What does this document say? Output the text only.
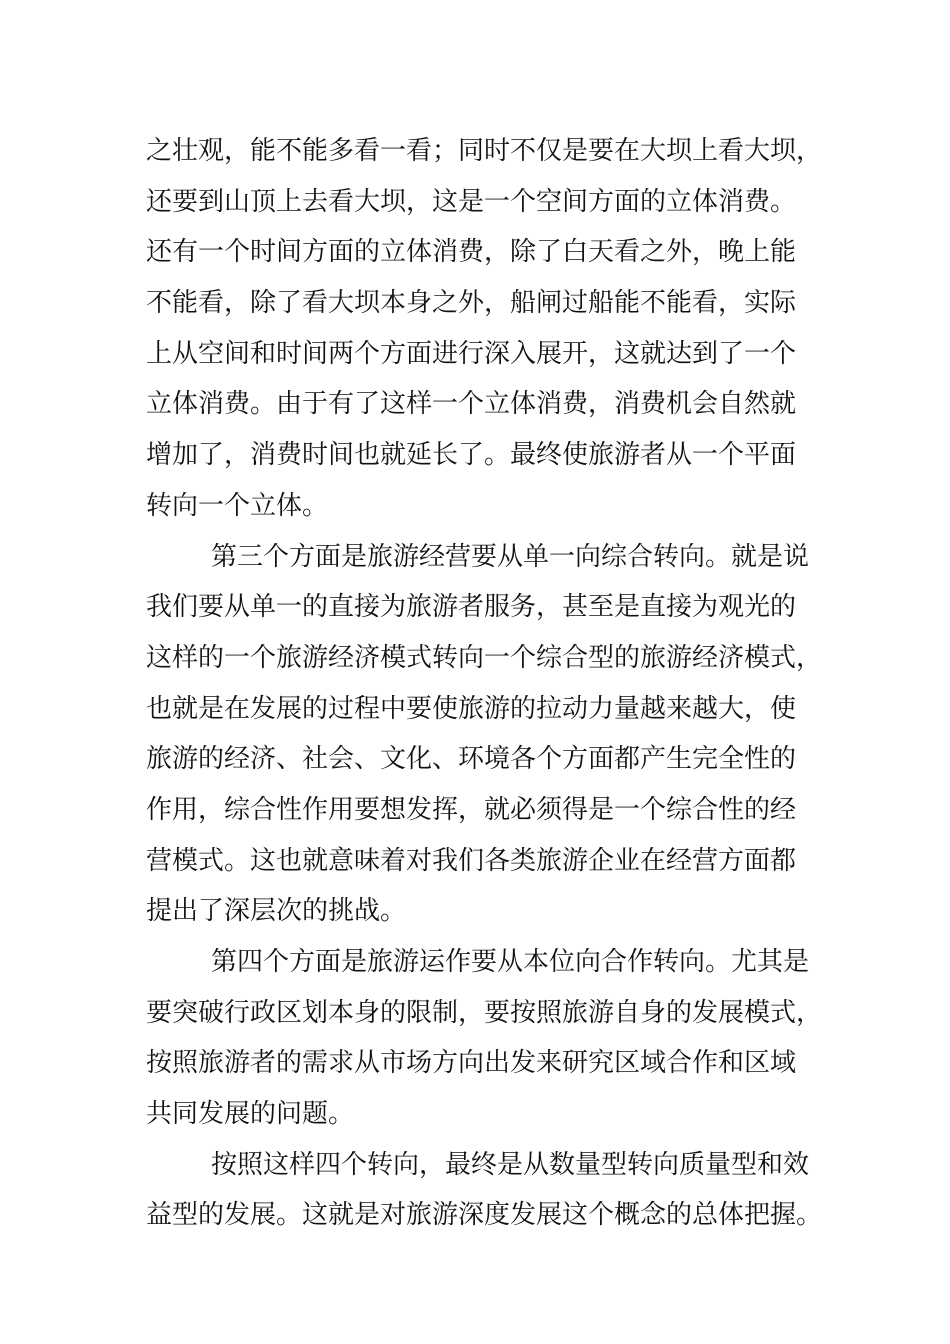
之壮观，能不能多看一看；同时不仅是要在大坝上看大坝，
还要到山顶上去看大坝，这是一个空间方面的立体消费。
还有一个时间方面的立体消费，除了白天看之外，晚上能
不能看，除了看大坝本身之外，船闸过船能不能看，实际
上从空间和时间两个方面进行深入展开，这就达到了一个
立体消费。由于有了这样一个立体消费，消费机会自然就
增加了，消费时间也就延长了。最终使旅游者从一个平面
转向一个立体。
第三个方面是旅游经营要从单一向综合转向。就是说
我们要从单一的直接为旅游者服务，甚至是直接为观光的
这样的一个旅游经济模式转向一个综合型的旅游经济模式，
也就是在发展的过程中要使旅游的拉动力量越来越大，使
旅游的经济、社会、文化、环境各个方面都产生完全性的
作用，综合性作用要想发挥，就必须得是一个综合性的经
营模式。这也就意味着对我们各类旅游企业在经营方面都
提出了深层次的挑战。
第四个方面是旅游运作要从本位向合作转向。尤其是
要突破行政区划本身的限制，要按照旅游自身的发展模式，
按照旅游者的需求从市场方向出发来研究区域合作和区域
共同发展的问题。
按照这样四个转向，最终是从数量型转向质量型和效
益型的发展。这就是对旅游深度发展这个概念的总体把握。
